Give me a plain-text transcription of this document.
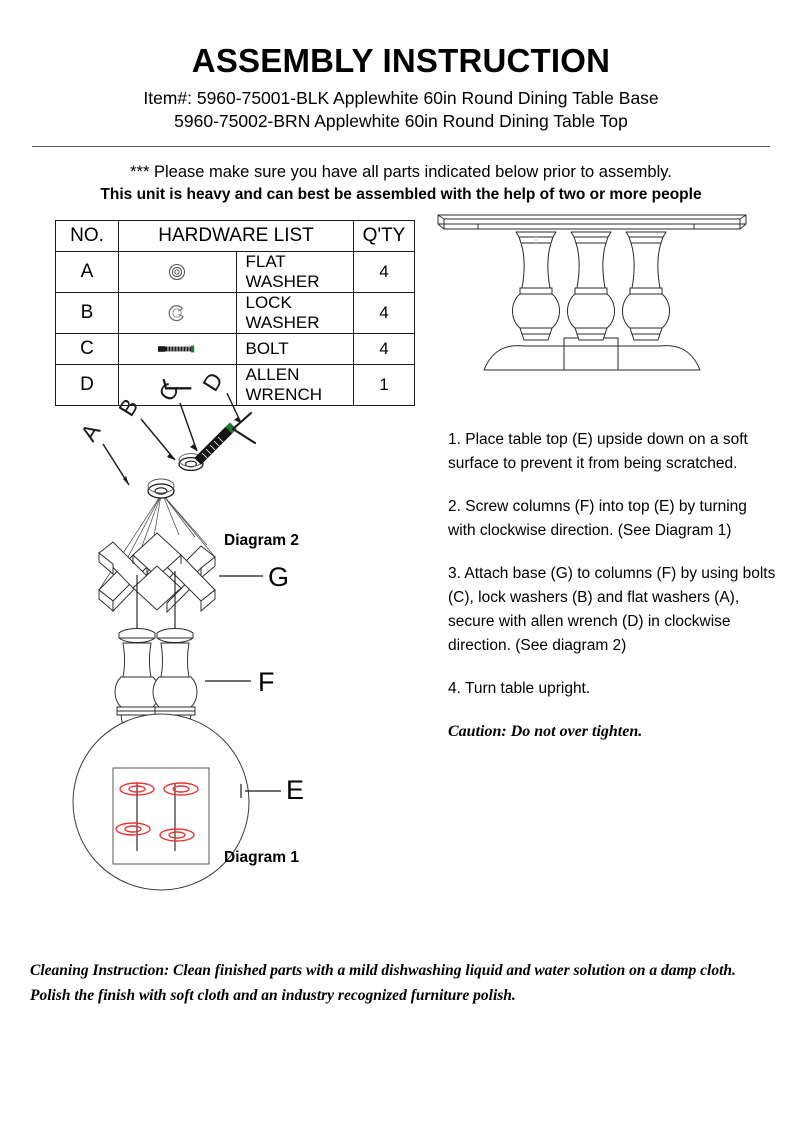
ASSEMBLY INSTRUCTION
Item#: 5960-75001-BLK Applewhite 60in Round Dining Table Base
5960-75002-BRN Applewhite 60in Round Dining Table Top
*** Please make sure you have all parts indicated below prior to assembly.
This unit is heavy and can best be assembled with the help of two or more people
NO.	HARDWARE LIST		Q'TY
A		FLAT WASHER	4
B		LOCK WASHER	4
C		BOLT	4
D		ALLEN WRENCH	1
A
B
C D
Diagram 2
Diagram 1
G
F
E

1. Place table top (E) upside down on a soft surface to prevent it from being scratched.

2. Screw columns (F) into top (E) by turning with clockwise direction. (See Diagram 1)

3. Attach base (G) to columns (F) by using bolts (C), lock washers (B) and flat washers (A), secure with allen wrench (D) in clockwise direction. (See diagram 2)

4. Turn table upright.

Caution: Do not over tighten.

Cleaning Instruction: Clean finished parts with a mild dishwashing liquid and water solution on a damp cloth.
Polish the finish with soft cloth and an industry recognized furniture polish.
